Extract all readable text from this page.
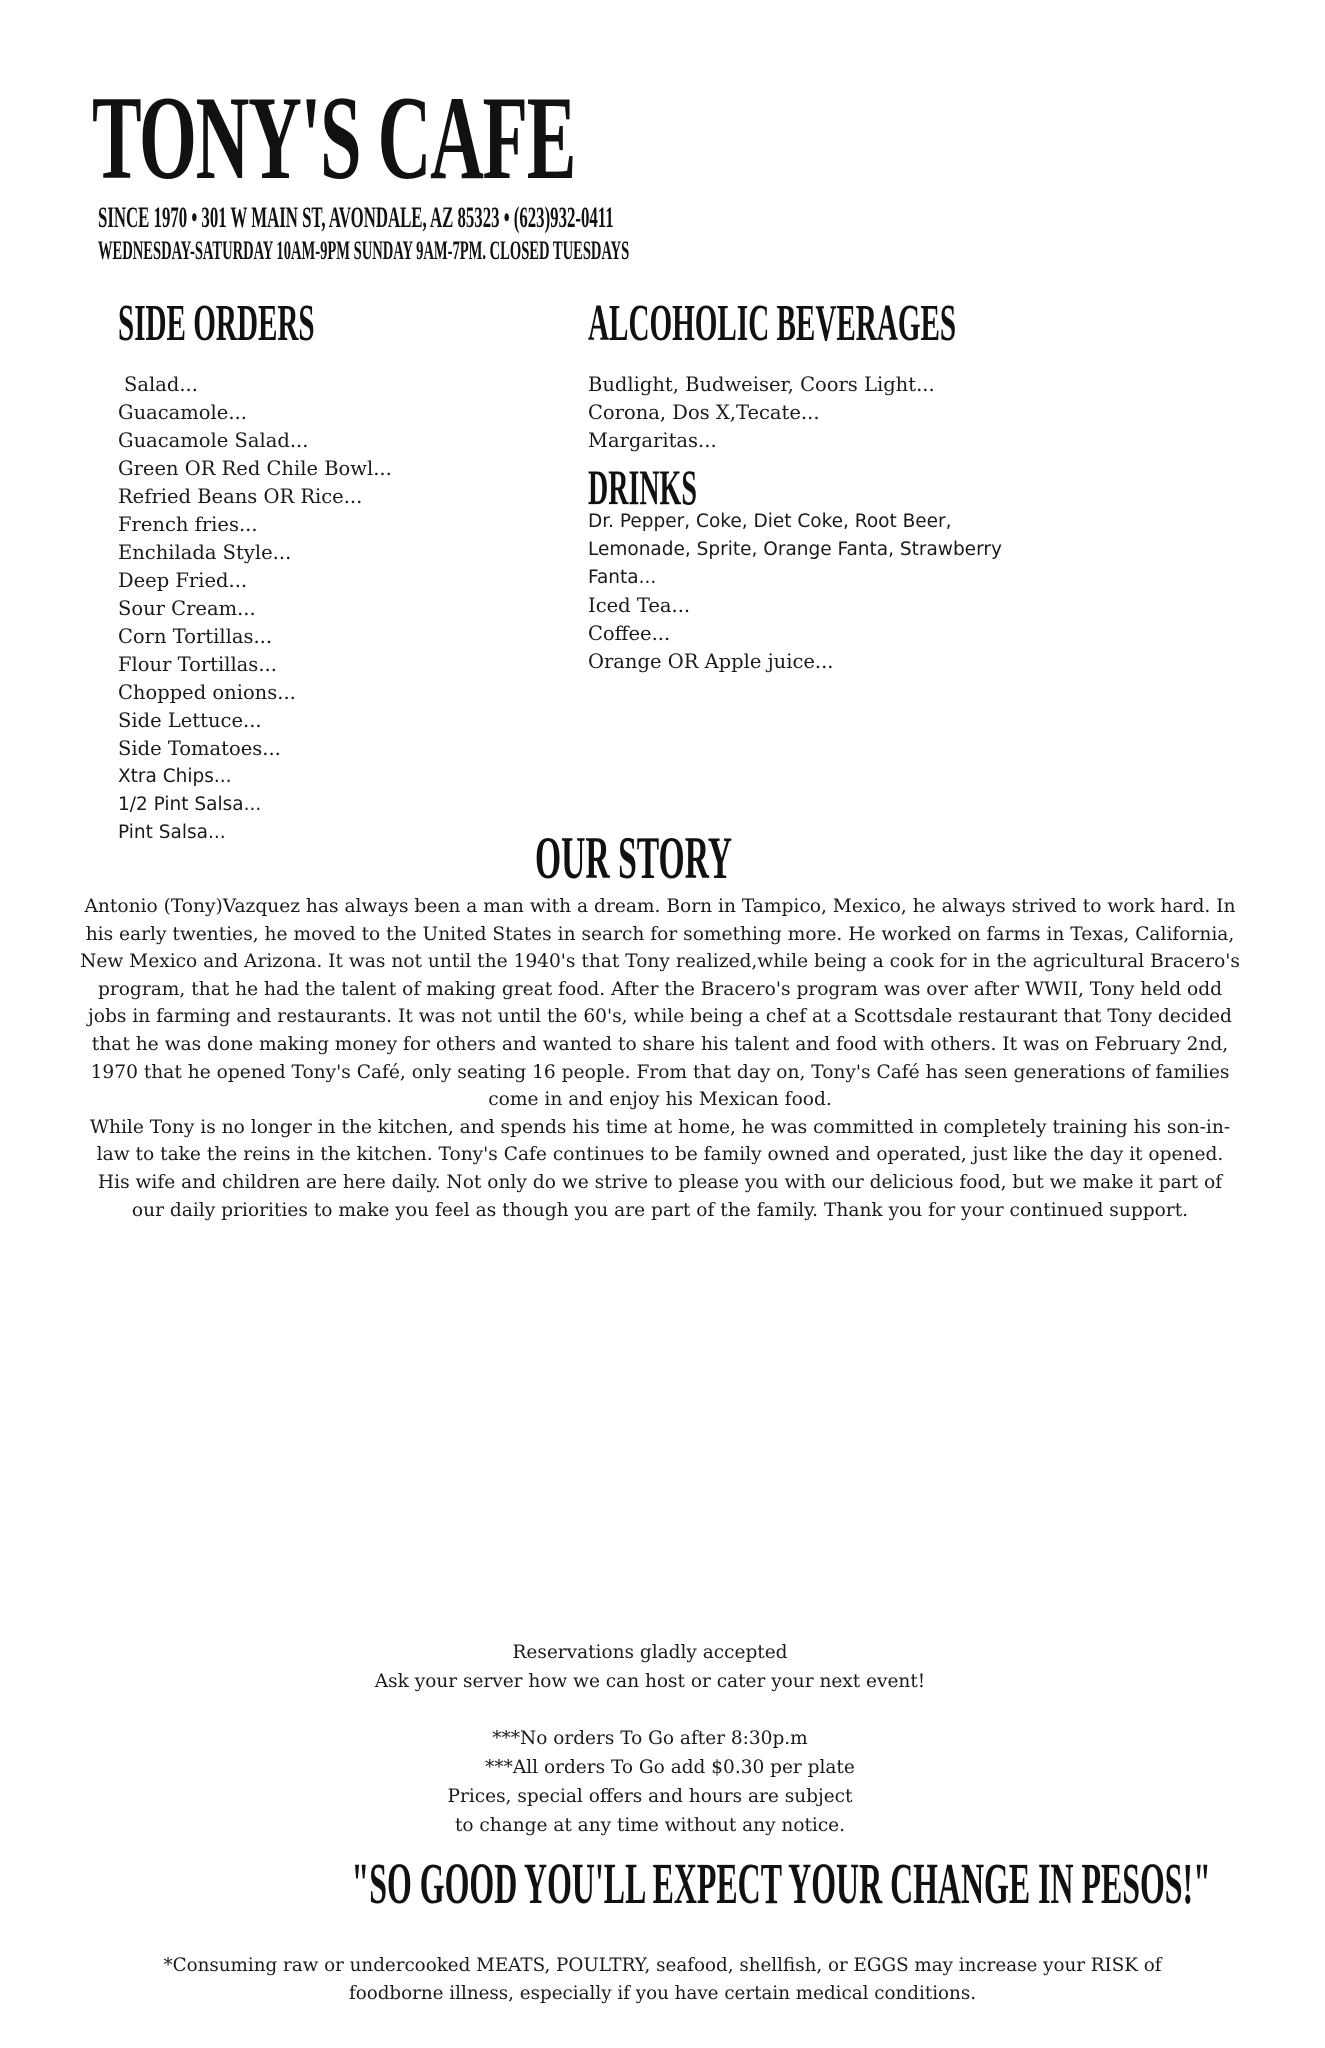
TONY'S CAFE
SINCE 1970 • 301 W MAIN ST, AVONDALE, AZ 85323 • (623)932-0411
WEDNESDAY-SATURDAY 10AM-9PM SUNDAY 9AM-7PM. CLOSED TUESDAYS
SIDE ORDERS
Salad...
Guacamole...
Guacamole Salad...
Green OR Red Chile Bowl...
Refried Beans OR Rice...
French fries...
Enchilada Style...
Deep Fried...
Sour Cream...
Corn Tortillas...
Flour Tortillas...
Chopped onions...
Side Lettuce...
Side Tomatoes...
Xtra Chips...
1/2 Pint Salsa...
Pint Salsa...
ALCOHOLIC BEVERAGES
Budlight, Budweiser, Coors Light...
Corona, Dos X,Tecate...
Margaritas...
DRINKS
Dr. Pepper, Coke, Diet Coke, Root Beer, Lemonade, Sprite, Orange Fanta, Strawberry Fanta...
Iced Tea...
Coffee...
Orange OR Apple juice...
OUR STORY

Antonio (Tony)Vazquez has always been a man with a dream. Born in Tampico, Mexico, he always strived to work hard. In his early twenties, he moved to the United States in search for something more. He worked on farms in Texas, California, New Mexico and Arizona. It was not until the 1940's that Tony realized,while being a cook for in the agricultural Bracero's program, that he had the talent of making great food. After the Bracero's program was over after WWII, Tony held odd jobs in farming and restaurants. It was not until the 60's, while being a chef at a Scottsdale restaurant that Tony decided that he was done making money for others and wanted to share his talent and food with others. It was on February 2nd, 1970 that he opened Tony's Café, only seating 16 people. From that day on, Tony's Café has seen generations of families come in and enjoy his Mexican food.

While Tony is no longer in the kitchen, and spends his time at home, he was committed in completely training his son-in-law to take the reins in the kitchen. Tony's Cafe continues to be family owned and operated, just like the day it opened. His wife and children are here daily. Not only do we strive to please you with our delicious food, but we make it part of our daily priorities to make you feel as though you are part of the family. Thank you for your continued support.

Reservations gladly accepted
Ask your server how we can host or cater your next event!
***No orders To Go after 8:30p.m
***All orders To Go add $0.30 per plate
Prices, special offers and hours are subject
to change at any time without any notice.
"SO GOOD YOU'LL EXPECT YOUR CHANGE IN PESOS!"
*Consuming raw or undercooked MEATS, POULTRY, seafood, shellfish, or EGGS may increase your RISK of foodborne illness, especially if you have certain medical conditions.
